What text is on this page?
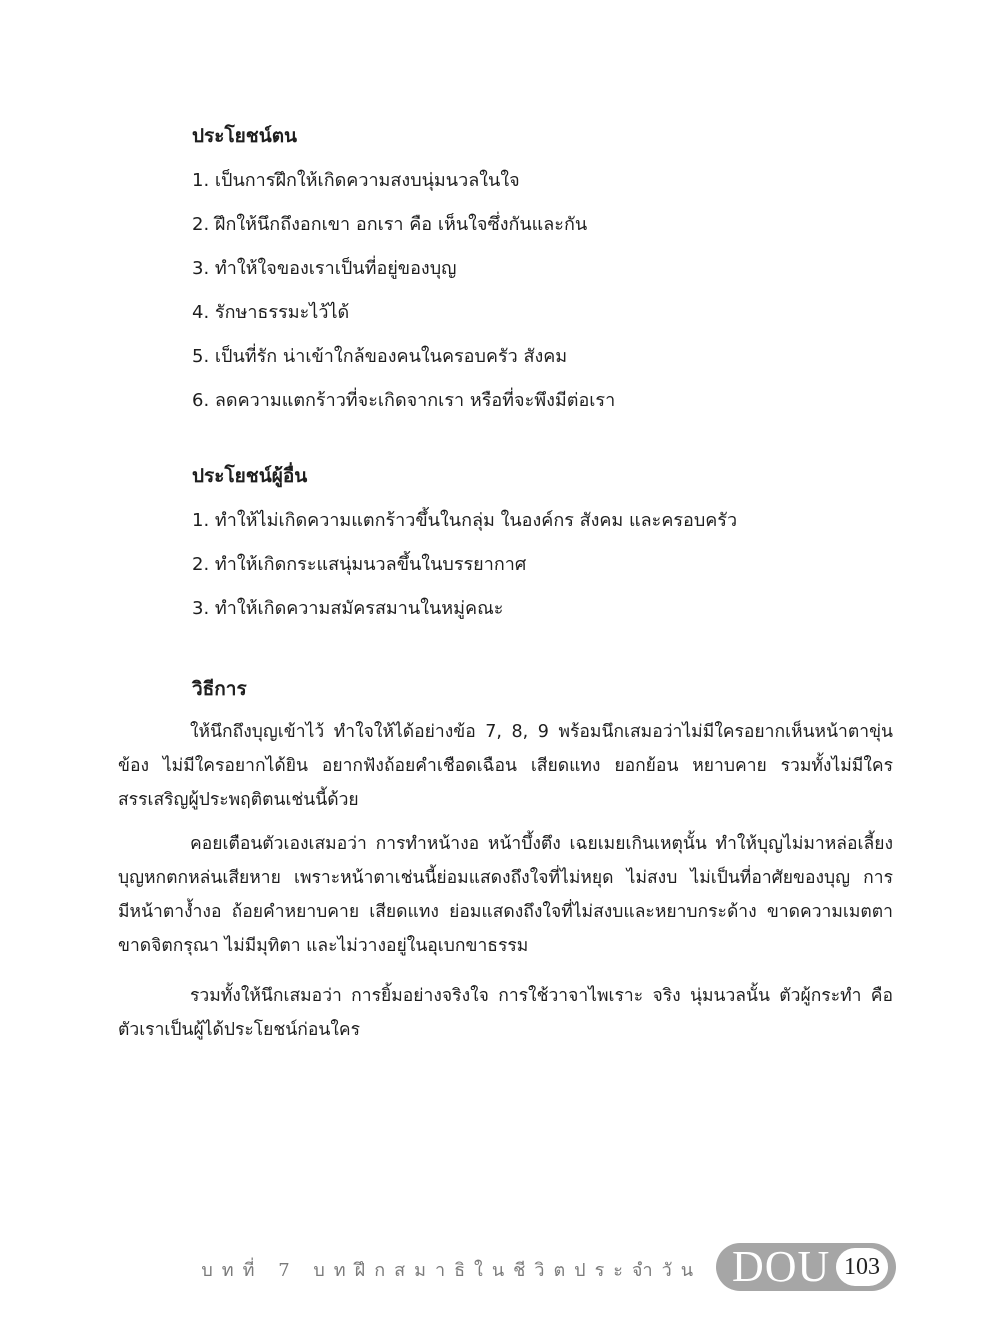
ประโยชน์ตน

1. เป็นการฝึกให้เกิดความสงบนุ่มนวลในใจ

2. ฝึกให้นึกถึงอกเขา อกเรา คือ เห็นใจซึ่งกันและกัน

3. ทำให้ใจของเราเป็นที่อยู่ของบุญ

4. รักษาธรรมะไว้ได้

5. เป็นที่รัก น่าเข้าใกล้ของคนในครอบครัว สังคม

6. ลดความแตกร้าวที่จะเกิดจากเรา หรือที่จะพึงมีต่อเรา

ประโยชน์ผู้อื่น

1. ทำให้ไม่เกิดความแตกร้าวขึ้นในกลุ่ม ในองค์กร สังคม และครอบครัว

2. ทำให้เกิดกระแสนุ่มนวลขึ้นในบรรยากาศ

3. ทำให้เกิดความสมัครสมานในหมู่คณะ

วิธีการ

ให้นึกถึงบุญเข้าไว้ ทำใจให้ได้อย่างข้อ 7, 8, 9 พร้อมนึกเสมอว่าไม่มีใครอยากเห็นหน้าตาขุ่นข้อง ไม่มีใครอยากได้ยิน อยากฟังถ้อยคำเชือดเฉือน เสียดแทง ยอกย้อน หยาบคาย รวมทั้งไม่มีใครสรรเสริญผู้ประพฤติตนเช่นนี้ด้วย

คอยเตือนตัวเองเสมอว่า การทำหน้างอ หน้าบึ้งตึง เฉยเมยเกินเหตุนั้น ทำให้บุญไม่มาหล่อเลี้ยง บุญหกตกหล่นเสียหาย เพราะหน้าตาเช่นนี้ย่อมแสดงถึงใจที่ไม่หยุด ไม่สงบ ไม่เป็นที่อาศัยของบุญ การมีหน้าตาง้ำงอ ถ้อยคำหยาบคาย เสียดแทง ย่อมแสดงถึงใจที่ไม่สงบและหยาบกระด้าง ขาดความเมตตา ขาดจิตกรุณา ไม่มีมุทิตา และไม่วางอยู่ในอุเบกขาธรรม

รวมทั้งให้นึกเสมอว่า การยิ้มอย่างจริงใจ การใช้วาจาไพเราะ จริง นุ่มนวลนั้น ตัวผู้กระทำ คือ ตัวเราเป็นผู้ได้ประโยชน์ก่อนใคร

บทที่ 7 บทฝึกสมาธิในชีวิตประจำวัน DOU 103
